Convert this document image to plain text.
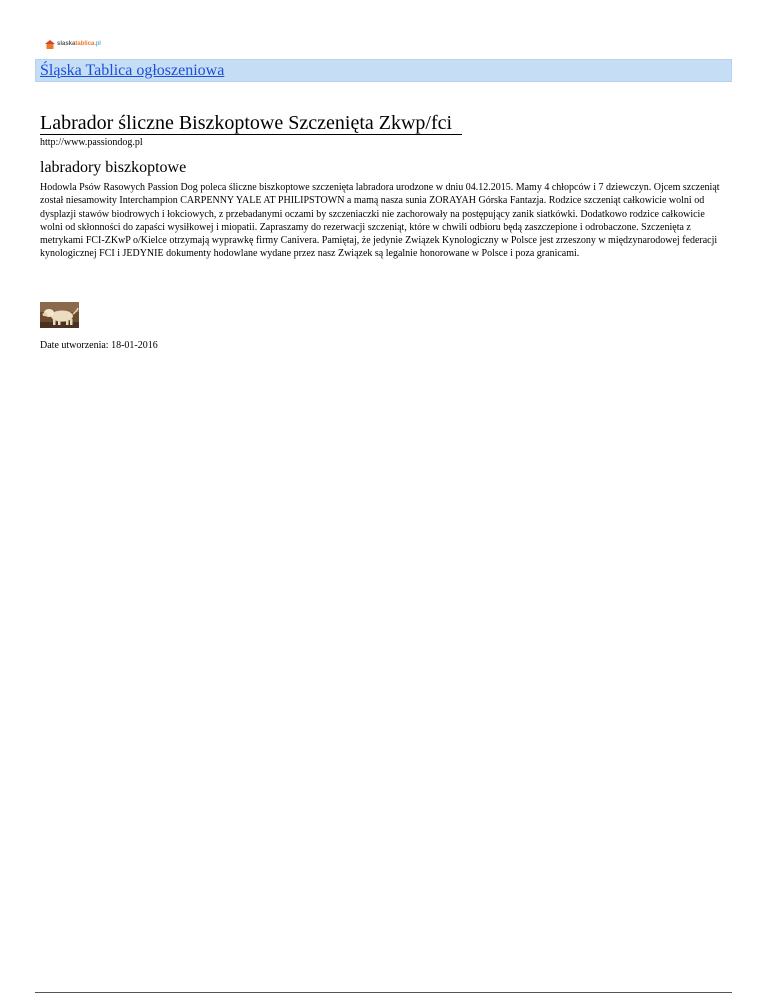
slaskatablica.pl
Śląska Tablica ogłoszeniowa
Labrador śliczne Biszkoptowe Szczenięta Zkwp/fci
http://www.passiondog.pl
labradory biszkoptowe

Hodowla Psów Rasowych Passion Dog poleca śliczne biszkoptowe szczenięta labradora urodzone w dniu 04.12.2015. Mamy 4 chłopców i 7 dziewczyn. Ojcem szczeniąt został niesamowity Interchampion CARPENNY YALE AT PHILIPSTOWN a mamą nasza sunia ZORAYAH Górska Fantazja. Rodzice szczeniąt całkowicie wolni od dysplazji stawów biodrowych i łokciowych, z przebadanymi oczami by szczeniaczki nie zachorowały na postępujący zanik siatkówki. Dodatkowo rodzice całkowicie wolni od skłonności do zapaści wysiłkowej i miopatii. Zapraszamy do rezerwacji szczeniąt, które w chwili odbioru będą zaszczepione i odrobaczone. Szczenięta z metrykami FCI-ZKwP o/Kielce otrzymają wyprawkę firmy Canivera. Pamiętaj, że jedynie Związek Kynologiczny w Polsce jest zrzeszony w międzynarodowej federacji kynologicznej FCI i JEDYNIE dokumenty hodowlane wydane przez nasz Związek są legalnie honorowane w Polsce i poza granicami.

Date utworzenia: 18-01-2016
